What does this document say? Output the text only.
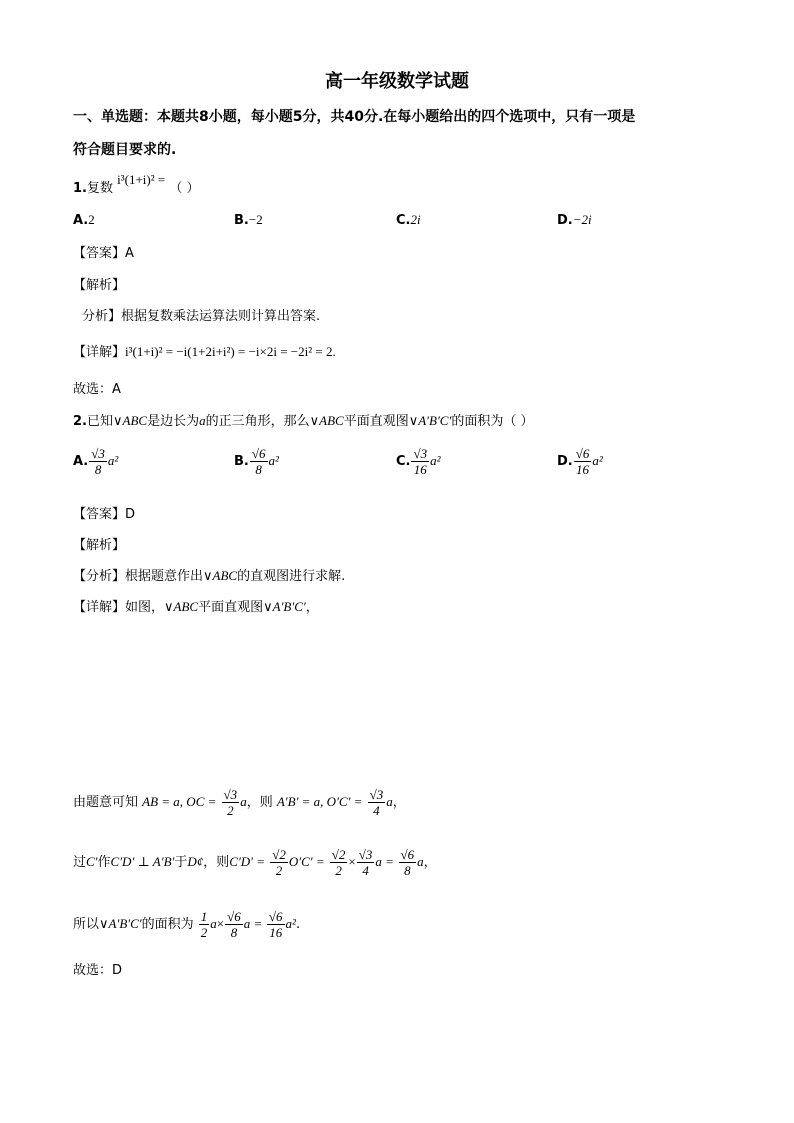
高一年级数学试题
一、单选题：本题共8小题，每小题5分，共40分.在每小题给出的四个选项中，只有一项是
符合题目要求的.
1.复数 i³(1+i)² = （ ）
A.2	B.−2	C.2i	D.−2i
【答案】A
【解析】
分析】根据复数乘法运算法则计算出答案.
【详解】i³(1+i)² = −i(1+2i+i²) = −i×2i = −2i² = 2.
故选：A
2.已知∨ABC是边长为a的正三角形，那么∨ABC平面直观图∨A′B′C′的面积为（ ）
A. $\frac{√3}{8} a^2$	B. $\frac{√6}{8} a^2$	C. $\frac{√3}{16} a^2$	D. $\frac{√6}{16} a^2$
【答案】D
【解析】
【分析】根据题意作出∨ABC的直观图进行求解.
【详解】如图，∨ABC平面直观图∨A′B′C′，
由题意可知 AB = a, OC = $\frac{√3}{2}$ a，则 A′B′ = a, $O'C' = \frac{√3}{4}$ a，
过C′作C′D′ ⊥ A′B′于D¢，则$C'D' = \frac{√2}{2} O'C' = \frac{√2}{2} \times \frac{√3}{4}$ $a = \frac{√6}{8}$ a，
所以∨A′B′C′的面积为 $\frac{1}{2} a\times \frac{√6}{8}$ $a = \frac{√6}{16} a^2$.
故选：D
